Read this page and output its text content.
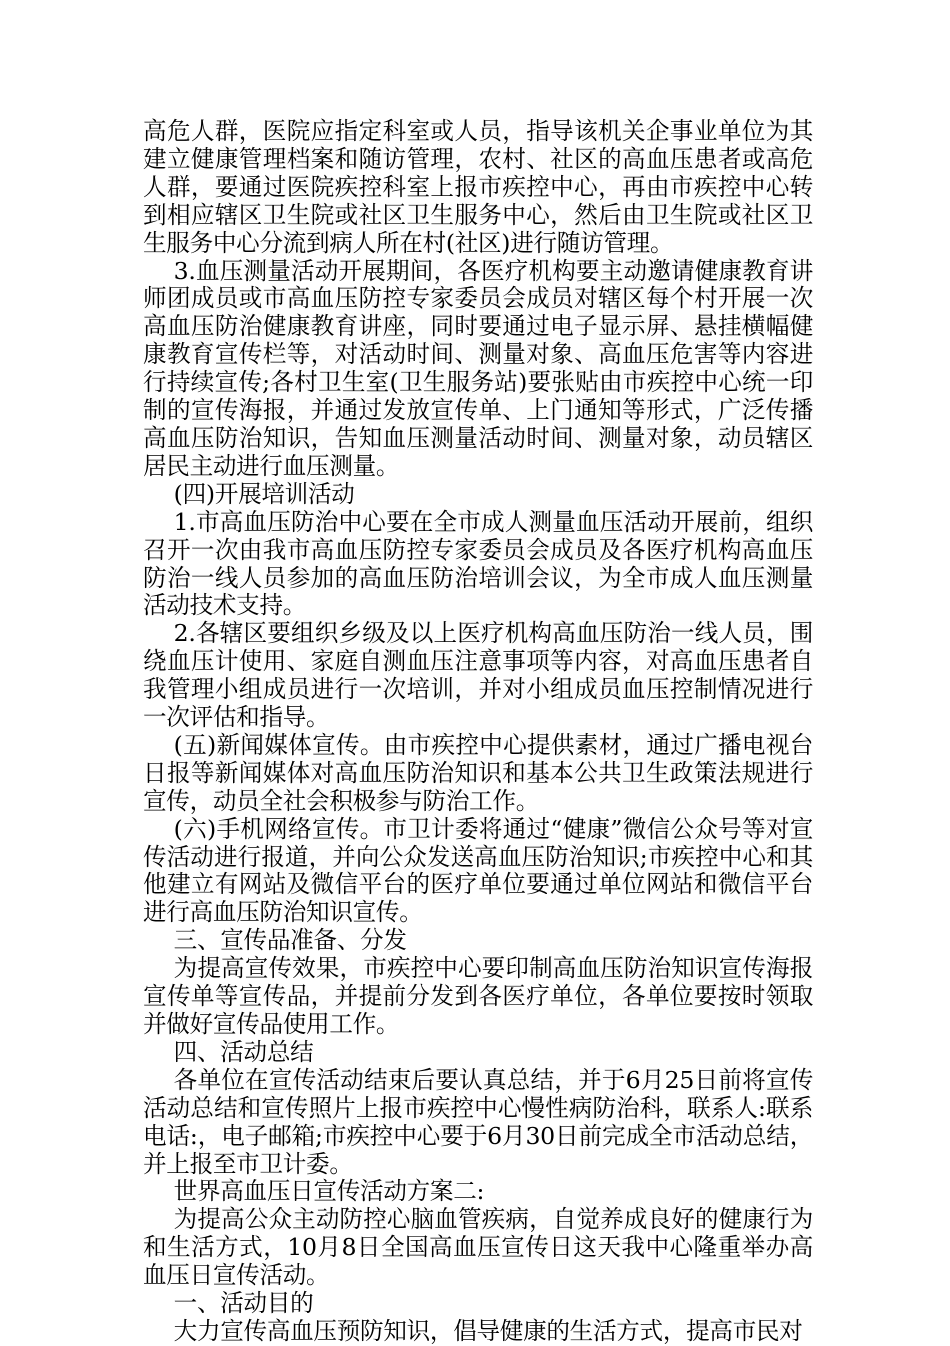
高危人群，医院应指定科室或人员，指导该机关企事业单位为其建立健康管理档案和随访管理，农村、社区的高血压患者或高危人群，要通过医院疾控科室上报市疾控中心，再由市疾控中心转到相应辖区卫生院或社区卫生服务中心，然后由卫生院或社区卫生服务中心分流到病人所在村(社区)进行随访管理。

3.血压测量活动开展期间，各医疗机构要主动邀请健康教育讲师团成员或市高血压防控专家委员会成员对辖区每个村开展一次高血压防治健康教育讲座，同时要通过电子显示屏、悬挂横幅健康教育宣传栏等，对活动时间、测量对象、高血压危害等内容进行持续宣传;各村卫生室(卫生服务站)要张贴由市疾控中心统一印制的宣传海报，并通过发放宣传单、上门通知等形式，广泛传播高血压防治知识，告知血压测量活动时间、测量对象，动员辖区居民主动进行血压测量。

(四)开展培训活动

1.市高血压防治中心要在全市成人测量血压活动开展前，组织召开一次由我市高血压防控专家委员会成员及各医疗机构高血压防治一线人员参加的高血压防治培训会议，为全市成人血压测量活动技术支持。

2.各辖区要组织乡级及以上医疗机构高血压防治一线人员，围绕血压计使用、家庭自测血压注意事项等内容，对高血压患者自我管理小组成员进行一次培训，并对小组成员血压控制情况进行一次评估和指导。

(五)新闻媒体宣传。由市疾控中心提供素材，通过广播电视台日报等新闻媒体对高血压防治知识和基本公共卫生政策法规进行宣传，动员全社会积极参与防治工作。

(六)手机网络宣传。市卫计委将通过“健康”微信公众号等对宣传活动进行报道，并向公众发送高血压防治知识;市疾控中心和其他建立有网站及微信平台的医疗单位要通过单位网站和微信平台进行高血压防治知识宣传。

三、宣传品准备、分发

为提高宣传效果，市疾控中心要印制高血压防治知识宣传海报宣传单等宣传品，并提前分发到各医疗单位，各单位要按时领取并做好宣传品使用工作。

四、活动总结

各单位在宣传活动结束后要认真总结，并于6月25日前将宣传活动总结和宣传照片上报市疾控中心慢性病防治科，联系人:联系电话:，电子邮箱;市疾控中心要于6月30日前完成全市活动总结，并上报至市卫计委。

世界高血压日宣传活动方案二:

为提高公众主动防控心脑血管疾病，自觉养成良好的健康行为和生活方式，10月8日全国高血压宣传日这天我中心隆重举办高血压日宣传活动。

一、活动目的

大力宣传高血压预防知识，倡导健康的生活方式，提高市民对
